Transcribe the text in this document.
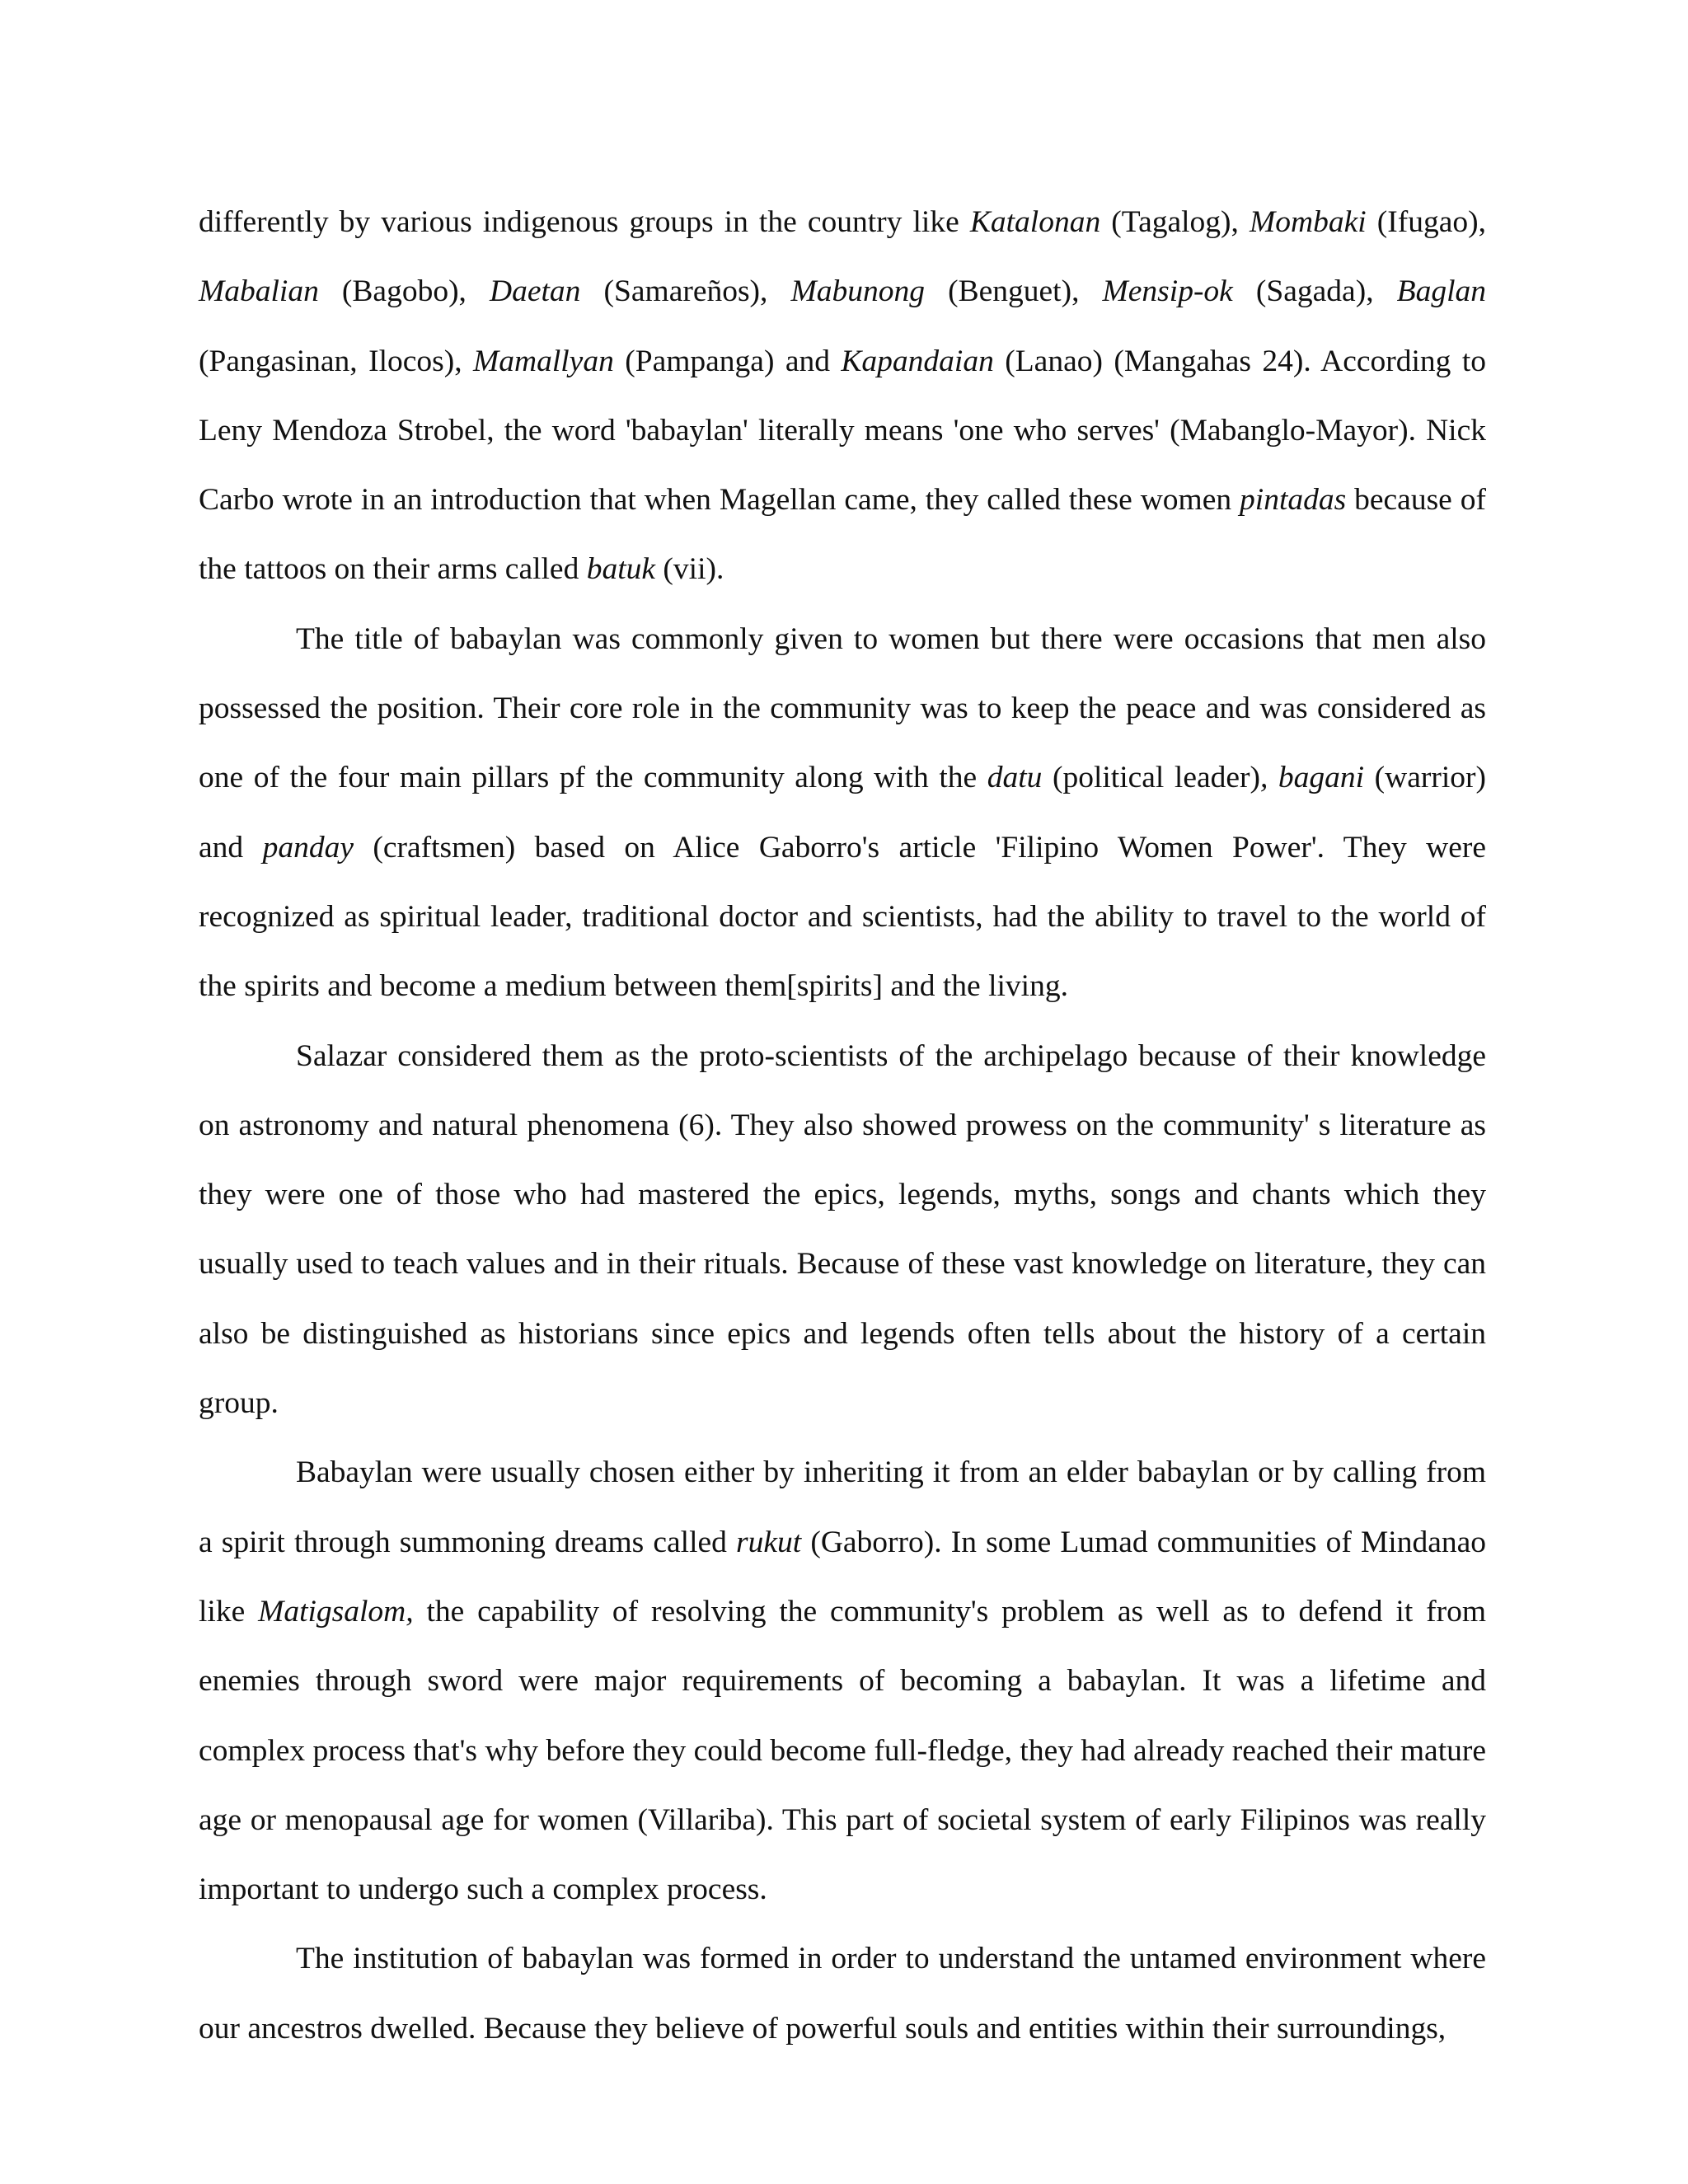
differently by various indigenous groups in the country like Katalonan (Tagalog), Mombaki (Ifugao), Mabalian (Bagobo), Daetan (Samareños), Mabunong (Benguet), Mensip-ok (Sagada), Baglan (Pangasinan, Ilocos), Mamallyan (Pampanga) and Kapandaian (Lanao) (Mangahas 24). According to Leny Mendoza Strobel, the word 'babaylan' literally means 'one who serves' (Mabanglo-Mayor). Nick Carbo wrote in an introduction that when Magellan came, they called these women pintadas because of the tattoos on their arms called batuk (vii).

The title of babaylan was commonly given to women but there were occasions that men also possessed the position. Their core role in the community was to keep the peace and was considered as one of the four main pillars pf the community along with the datu (political leader), bagani (warrior) and panday (craftsmen) based on Alice Gaborro's article 'Filipino Women Power'. They were recognized as spiritual leader, traditional doctor and scientists, had the ability to travel to the world of the spirits and become a medium between them[spirits] and the living.

Salazar considered them as the proto-scientists of the archipelago because of their knowledge on astronomy and natural phenomena (6). They also showed prowess on the community' s literature as they were one of those who had mastered the epics, legends, myths, songs and chants which they usually used to teach values and in their rituals. Because of these vast knowledge on literature, they can also be distinguished as historians since epics and legends often tells about the history of a certain group.

Babaylan were usually chosen either by inheriting it from an elder babaylan or by calling from a spirit through summoning dreams called rukut (Gaborro). In some Lumad communities of Mindanao like Matigsalom, the capability of resolving the community's problem as well as to defend it from enemies through sword were major requirements of becoming a babaylan. It was a lifetime and complex process that's why before they could become full-fledge, they had already reached their mature age or menopausal age for women (Villariba). This part of societal system of early Filipinos was really important to undergo such a complex process.

The institution of babaylan was formed in order to understand the untamed environment where our ancestros dwelled. Because they believe of powerful souls and entities within their surroundings,
